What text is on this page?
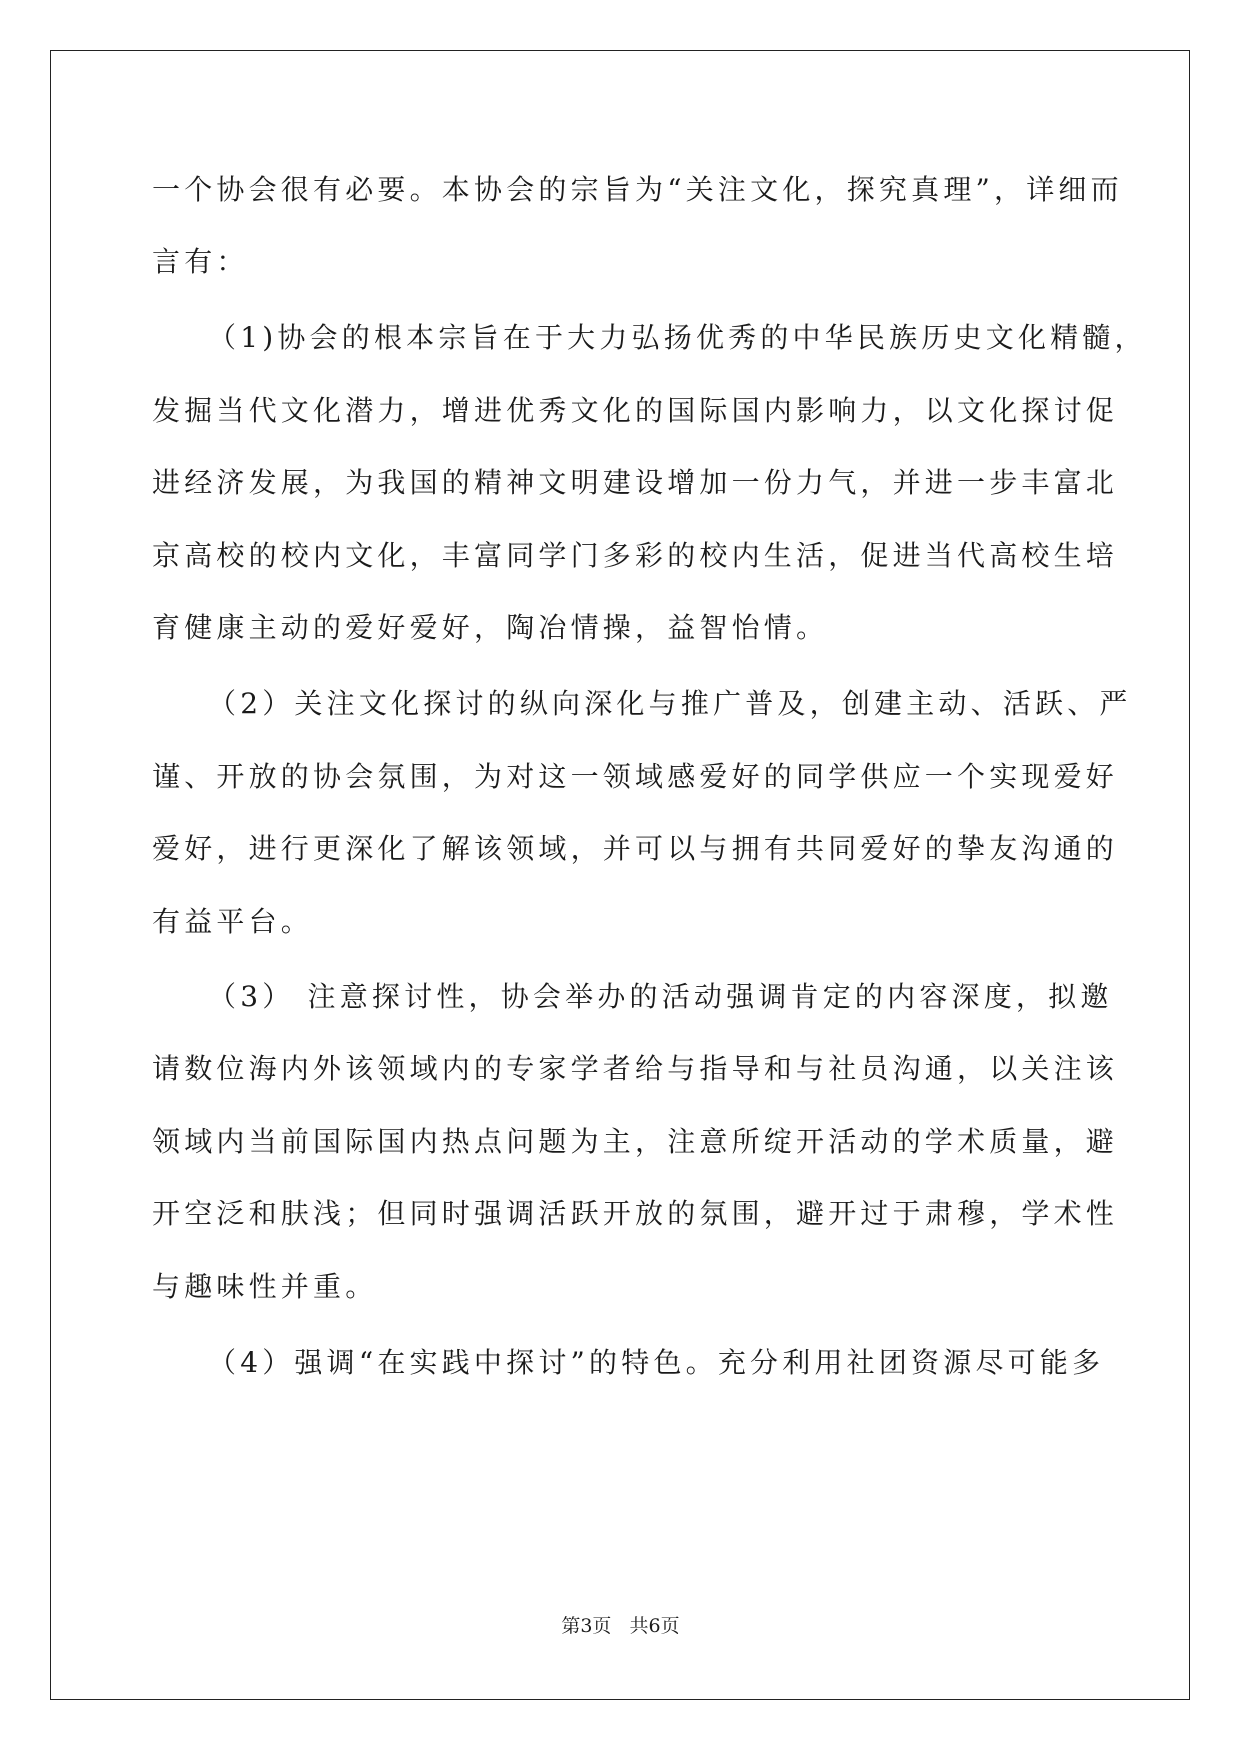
一个协会很有必要。本协会的宗旨为“关注文化，探究真理”，详细而
言有：
（1)协会的根本宗旨在于大力弘扬优秀的中华民族历史文化精髓，
发掘当代文化潜力，增进优秀文化的国际国内影响力，以文化探讨促
进经济发展，为我国的精神文明建设增加一份力气，并进一步丰富北
京高校的校内文化，丰富同学门多彩的校内生活，促进当代高校生培
育健康主动的爱好爱好，陶冶情操，益智怡情。
（2）关注文化探讨的纵向深化与推广普及，创建主动、活跃、严
谨、开放的协会氛围，为对这一领域感爱好的同学供应一个实现爱好
爱好，进行更深化了解该领域，并可以与拥有共同爱好的挚友沟通的
有益平台。
（3） 注意探讨性，协会举办的活动强调肯定的内容深度，拟邀
请数位海内外该领域内的专家学者给与指导和与社员沟通，以关注该
领域内当前国际国内热点问题为主，注意所绽开活动的学术质量，避
开空泛和肤浅；但同时强调活跃开放的氛围，避开过于肃穆，学术性
与趣味性并重。
（4）强调“在实践中探讨”的特色。充分利用社团资源尽可能多
第3页   共6页
